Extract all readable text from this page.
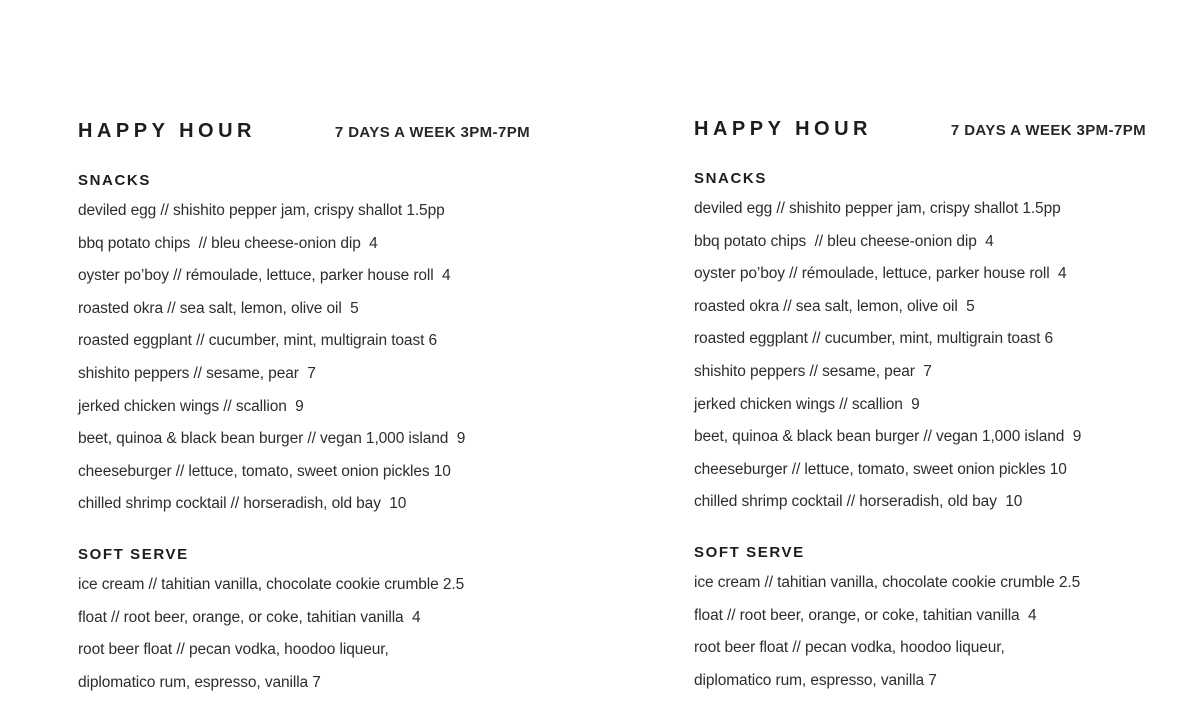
HAPPY HOUR	7 DAYS A WEEK 3PM-7PM
SNACKS
deviled egg // shishito pepper jam, crispy shallot 1.5pp
bbq potato chips  // bleu cheese-onion dip  4
oyster po’boy // rémoulade, lettuce, parker house roll  4
roasted okra // sea salt, lemon, olive oil  5
roasted eggplant // cucumber, mint, multigrain toast 6
shishito peppers // sesame, pear  7
jerked chicken wings // scallion  9
beet, quinoa & black bean burger // vegan 1,000 island  9
cheeseburger // lettuce, tomato, sweet onion pickles 10
chilled shrimp cocktail // horseradish, old bay  10
SOFT SERVE
ice cream // tahitian vanilla, chocolate cookie crumble 2.5
float // root beer, orange, or coke, tahitian vanilla  4
root beer float // pecan vodka, hoodoo liqueur,
diplomatico rum, espresso, vanilla 7
HAPPY HOUR	7 DAYS A WEEK 3PM-7PM
SNACKS
deviled egg // shishito pepper jam, crispy shallot 1.5pp
bbq potato chips  // bleu cheese-onion dip  4
oyster po’boy // rémoulade, lettuce, parker house roll  4
roasted okra // sea salt, lemon, olive oil  5
roasted eggplant // cucumber, mint, multigrain toast 6
shishito peppers // sesame, pear  7
jerked chicken wings // scallion  9
beet, quinoa & black bean burger // vegan 1,000 island  9
cheeseburger // lettuce, tomato, sweet onion pickles 10
chilled shrimp cocktail // horseradish, old bay  10
SOFT SERVE
ice cream // tahitian vanilla, chocolate cookie crumble 2.5
float // root beer, orange, or coke, tahitian vanilla  4
root beer float // pecan vodka, hoodoo liqueur,
diplomatico rum, espresso, vanilla 7
